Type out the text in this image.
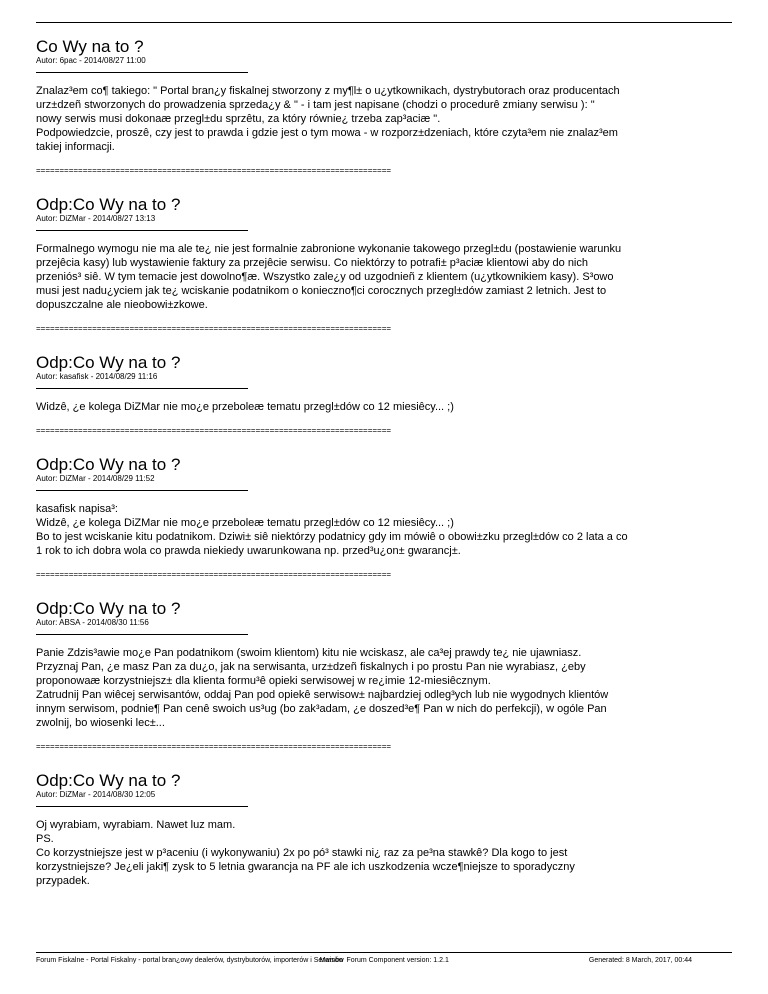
Co Wy na to ?
Autor: 6pac - 2014/08/27 11:00
Znalaz³em co¶ takiego: " Portal bran¿y fiskalnej stworzony z my¶l± o u¿ytkownikach, dystrybutorach oraz producentach
urz±dzeñ stworzonych do prowadzenia sprzeda¿y & " - i tam jest napisane (chodzi o procedurê zmiany serwisu ): "
nowy serwis musi dokonaæ przegl±du sprzêtu, za który równie¿ trzeba zap³aciæ ".
Podpowiedzcie, proszê, czy jest to prawda i gdzie jest o tym mowa - w rozporz±dzeniach, które czyta³em nie znalaz³em
takiej informacji.
============================================================================
Odp:Co Wy na to ?
Autor: DiZMar - 2014/08/27 13:13
Formalnego wymogu nie ma ale te¿ nie jest formalnie zabronione wykonanie takowego przegl±du (postawienie warunku
przejêcia kasy) lub wystawienie faktury za przejêcie serwisu. Co niektórzy to potrafi± p³aciæ klientowi aby do nich
przeniós³ siê. W tym temacie jest dowolno¶æ. Wszystko zale¿y od uzgodnieñ z klientem (u¿ytkownikiem kasy). S³owo
musi jest nadu¿yciem jak te¿ wciskanie podatnikom o konieczno¶ci corocznych przegl±dów zamiast 2 letnich. Jest to
dopuszczalne ale nieobowi±zkowe.
============================================================================
Odp:Co Wy na to ?
Autor: kasafisk - 2014/08/29 11:16
Widzê, ¿e kolega DiZMar nie mo¿e przeboleæ tematu przegl±dów co 12 miesiêcy... ;)
============================================================================
Odp:Co Wy na to ?
Autor: DiZMar - 2014/08/29 11:52
kasafisk napisa³:
Widzê, ¿e kolega DiZMar nie mo¿e przeboleæ tematu przegl±dów co 12 miesiêcy... ;)
Bo to jest wciskanie kitu podatnikom. Dziwi± siê niektórzy podatnicy gdy im mówiê o obowi±zku przegl±dów co 2 lata a co
1 rok to ich dobra wola co prawda niekiedy uwarunkowana np. przed³u¿on± gwarancj±.
============================================================================
Odp:Co Wy na to ?
Autor: ABSA - 2014/08/30 11:56
Panie Zdzis³awie mo¿e Pan podatnikom (swoim klientom) kitu nie wciskasz, ale ca³ej prawdy te¿ nie ujawniasz.
Przyznaj Pan, ¿e masz Pan za du¿o, jak na serwisanta, urz±dzeñ fiskalnych i po prostu Pan nie wyrabiasz, ¿eby
proponowaæ korzystniejsz± dla klienta formu³ê opieki serwisowej w re¿imie 12-miesiêcznym.
Zatrudnij Pan wiêcej serwisantów, oddaj Pan pod opiekê serwisow± najbardziej odleg³ych lub nie wygodnych klientów
innym serwisom, podnie¶ Pan cenê swoich us³ug (bo zak³adam, ¿e doszed³e¶ Pan w nich do perfekcji), w ogóle Pan
zwolnij, bo wiosenki lec±...
============================================================================
Odp:Co Wy na to ?
Autor: DiZMar - 2014/08/30 12:05
Oj wyrabiam, wyrabiam. Nawet luz mam.
PS.
Co korzystniejsze jest w p³aceniu (i wykonywaniu) 2x po pó³ stawki ni¿ raz za pe³na stawkê? Dla kogo to jest
korzystniejsze? Je¿eli jaki¶ zysk to 5 letnia gwarancja na PF ale ich uszkodzenia wcze¶niejsze to sporadyczny
przypadek.
Forum Fiskalne - Portal Fiskalny - portal bran¿owy dealerów, dystrybutorów, importerów i Serwisów Mambo Forum Component version: 1.2.1	Generated: 8 March, 2017, 00:44
